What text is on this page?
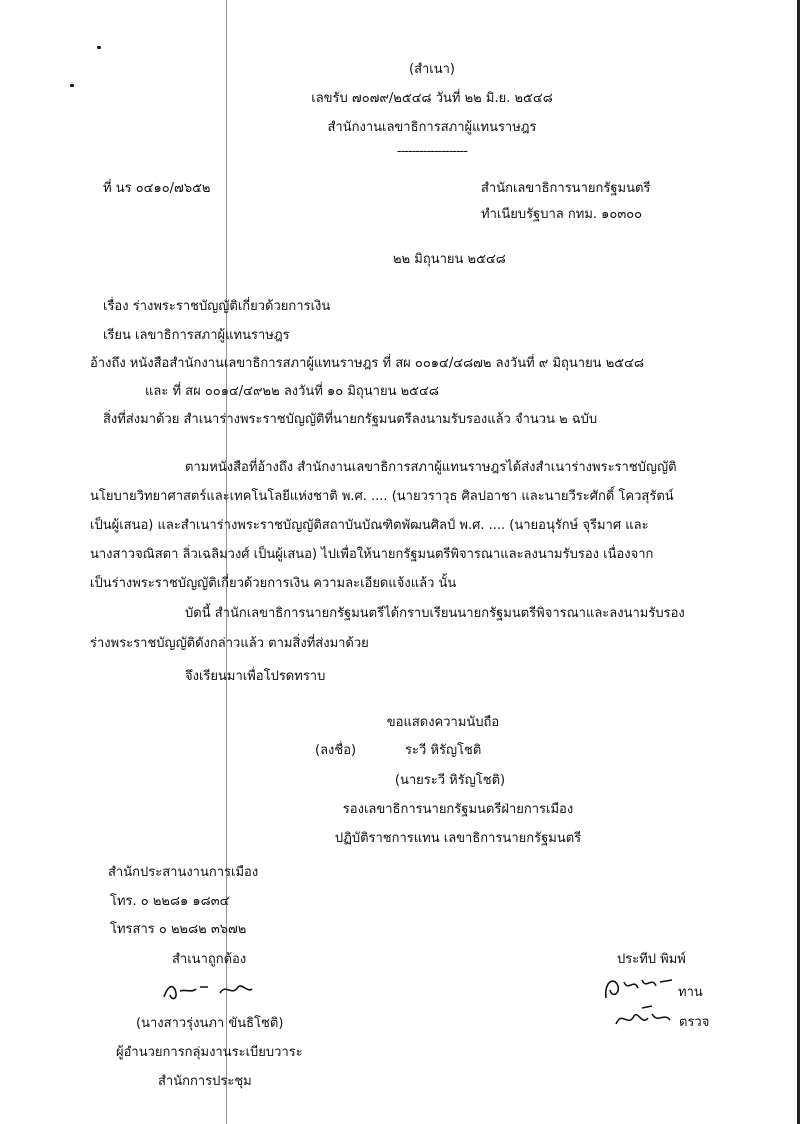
(สำเนา)
เลขรับ ๗๐๗๙/๒๕๔๘ วันที่ ๒๒ มิ.ย. ๒๕๔๘
สำนักงานเลขาธิการสภาผู้แทนราษฎร
-------------------
ที่ นร ๐๔๑๐/๗๖๕๒	สำนักเลขาธิการนายกรัฐมนตรี
ทำเนียบรัฐบาล กทม. ๑๐๓๐๐
๒๒ มิถุนายน ๒๕๔๘
เรื่อง ร่างพระราชบัญญัติเกี่ยวด้วยการเงิน
เรียน เลขาธิการสภาผู้แทนราษฎร
อ้างถึง หนังสือสำนักงานเลขาธิการสภาผู้แทนราษฎร ที่ สผ ๐๐๑๔/๔๘๗๒ ลงวันที่ ๙ มิถุนายน ๒๕๔๘
และ ที่ สผ ๐๐๑๔/๔๙๒๒ ลงวันที่ ๑๐ มิถุนายน ๒๕๔๘
สิ่งที่ส่งมาด้วย สำเนาร่างพระราชบัญญัติที่นายกรัฐมนตรีลงนามรับรองแล้ว จำนวน ๒ ฉบับ
ตามหนังสือที่อ้างถึง สำนักงานเลขาธิการสภาผู้แทนราษฎรได้ส่งสำเนาร่างพระราชบัญญัติ
นโยบายวิทยาศาสตร์และเทคโนโลยีแห่งชาติ พ.ศ. .... (นายวราวุธ ศิลปอาชา และนายวีระศักดิ์ โควสุรัตน์
เป็นผู้เสนอ) และสำเนาร่างพระราชบัญญัติสถาบันบัณฑิตพัฒนศิลป์ พ.ศ. .... (นายอนุรักษ์ จุรีมาศ และ
นางสาวจณิสตา ลิ่วเฉลิมวงศ์ เป็นผู้เสนอ) ไปเพื่อให้นายกรัฐมนตรีพิจารณาและลงนามรับรอง เนื่องจาก
เป็นร่างพระราชบัญญัติเกี่ยวด้วยการเงิน ความละเอียดแจ้งแล้ว นั้น
บัดนี้ สำนักเลขาธิการนายกรัฐมนตรีได้กราบเรียนนายกรัฐมนตรีพิจารณาและลงนามรับรอง
ร่างพระราชบัญญัติดังกล่าวแล้ว ตามสิ่งที่ส่งมาด้วย
จึงเรียนมาเพื่อโปรดทราบ
ขอแสดงความนับถือ
(ลงชื่อ)	ระวี หิรัญโชติ
(นายระวี หิรัญโชติ)
รองเลขาธิการนายกรัฐมนตรีฝ่ายการเมือง
ปฏิบัติราชการแทน เลขาธิการนายกรัฐมนตรี
สำนักประสานงานการเมือง
โทร. ๐ ๒๒๘๑ ๑๘๓๔
โทรสาร ๐ ๒๒๘๒ ๓๖๗๒
สำเนาถูกต้อง
(นางสาวรุ่งนภา ขันธิโชติ)
ผู้อำนวยการกลุ่มงานระเบียบวาระ
สำนักการประชุม
ประทีป พิมพ์
ทาน
ตรวจ
